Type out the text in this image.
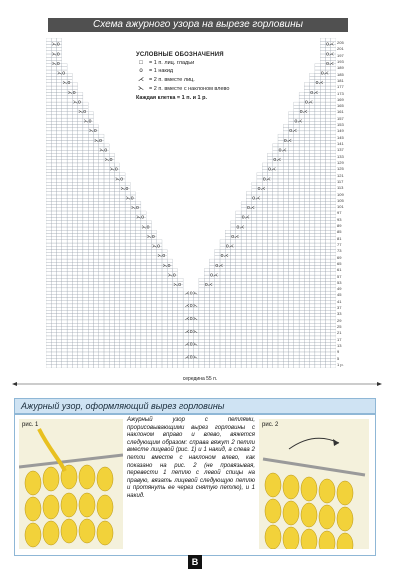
Схема ажурного узора на вырезе горловины
⋋o	o⋌
⋋o	o⋌
⋋o	o⋌
⋋o	o⋌
⋋o	o⋌
⋋o	o⋌
⋋o	o⋌
⋋o	o⋌
⋋o	o⋌
⋋o	o⋌
⋋o	o⋌
⋋o	o⋌
⋋o	o⋌
⋋o	o⋌
⋋o	o⋌
⋋o	o⋌
⋋o	o⋌
⋋o	o⋌
⋋o	o⋌
⋋o	o⋌
⋋o	o⋌
⋋o	o⋌
⋋o	o⋌
⋋o	o⋌
⋋o	o⋌
⋋o	o⋌
⋌o⋋
⋌o⋋
⋌o⋋
⋌o⋋
⋌o⋋
⋌o⋋
205
201
197
193
189
185
181
177
173
169
165
161
157
153
149
145
141
137
133
129
125
121
117
113
109
105
101
97
93
89
85
81
77
73
69
65
61
57
53
49
45
41
37
33
29
25
21
17
13
9
5
1 р.
УСЛОВНЫЕ ОБОЗНАЧЕНИЯ
□	= 1 п. лиц. гладьи
o	= 1 накид
⋌ = 2 п. вместе лиц.
⋋ = 2 п. вместе с наклоном влево
Каждая клетка = 1 п. и 1 р.
середина 55 п.
Ажурный узор, оформляющий вырез горловины
рис. 1
Ажурный узор с петлями, прорисовывающими вырез горловины с наклоном вправо и влево, вяжется следующим образом: справа вяжут 2 петли вместе лицевой (рис. 1) и 1 накид, а слева 2 петли вместе с наклоном влево, как показано на рис. 2 (не провязывая, перевести 1 петлю с левой спицы на правую, вязать лицевой следующую петлю и протянуть ее через снятую петлю), и 1 накид.
рис. 2
B
